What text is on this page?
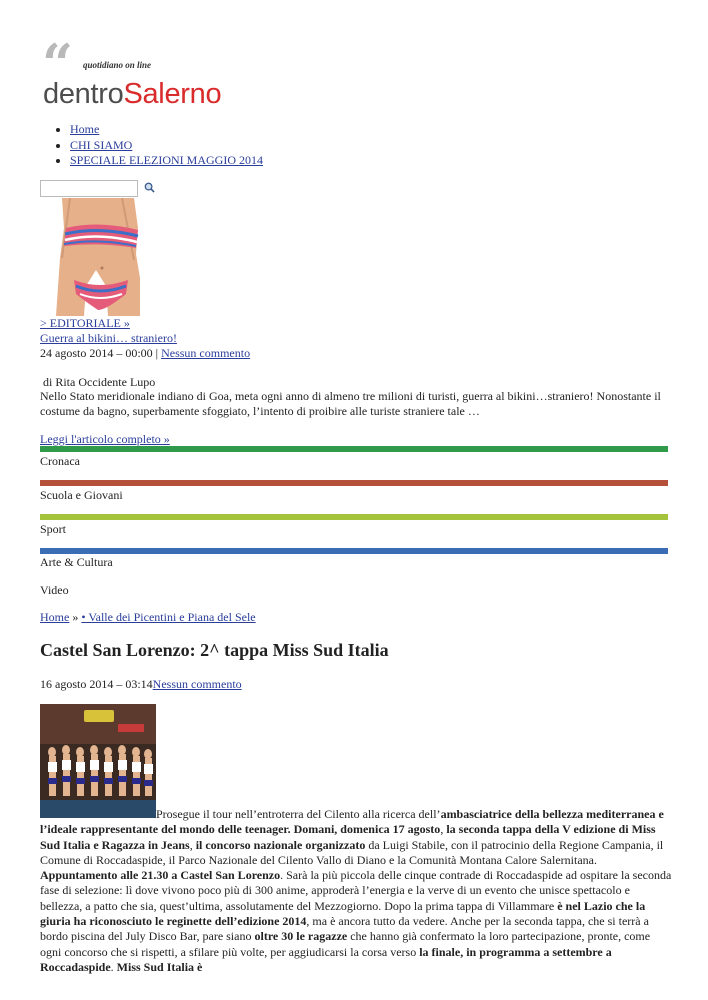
“ quotidiano on line
dentroSalerno
• Home
• CHI SIAMO
• SPECIALE ELEZIONI MAGGIO 2014
> EDITORIALE »
Guerra al bikini… straniero!
24 agosto 2014 – 00:00 | Nessun commento
di Rita Occidente Lupo
Nello Stato meridionale indiano di Goa, meta ogni anno di almeno tre milioni di turisti, guerra al bikini…straniero! Nonostante il costume da bagno, superbamente sfoggiato, l’intento di proibire alle turiste straniere tale …
Leggi l'articolo completo »
Cronaca
Scuola e Giovani
Sport
Arte & Cultura
Video
Home » • Valle dei Picentini e Piana del Sele
Castel San Lorenzo: 2^ tappa Miss Sud Italia
16 agosto 2014 – 03:14Nessun commento

Prosegue il tour nell’entroterra del Cilento alla ricerca dell’ambasciatrice della bellezza mediterranea e l’ideale rappresentante del mondo delle teenager. Domani, domenica 17 agosto, la seconda tappa della V edizione di Miss Sud Italia e Ragazza in Jeans, il concorso nazionale organizzato da Luigi Stabile, con il patrocinio della Regione Campania, il Comune di Roccadaspide, il Parco Nazionale del Cilento Vallo di Diano e la Comunità Montana Calore Salernitana. Appuntamento alle 21.30 a Castel San Lorenzo. Sarà la più piccola delle cinque contrade di Roccadaspide ad ospitare la seconda fase di selezione: lì dove vivono poco più di 300 anime, approderà l’energia e la verve di un evento che unisce spettacolo e bellezza, a patto che sia, quest’ultima, assolutamente del Mezzogiorno. Dopo la prima tappa di Villammare è nel Lazio che la giuria ha riconosciuto le reginette dell’edizione 2014, ma è ancora tutto da vedere. Anche per la seconda tappa, che si terrà a bordo piscina del July Disco Bar, pare siano oltre 30 le ragazze che hanno già confermato la loro partecipazione, pronte, come ogni concorso che si rispetti, a sfilare più volte, per aggiudicarsi la corsa verso la finale, in programma a settembre a Roccadaspide. Miss Sud Italia è
